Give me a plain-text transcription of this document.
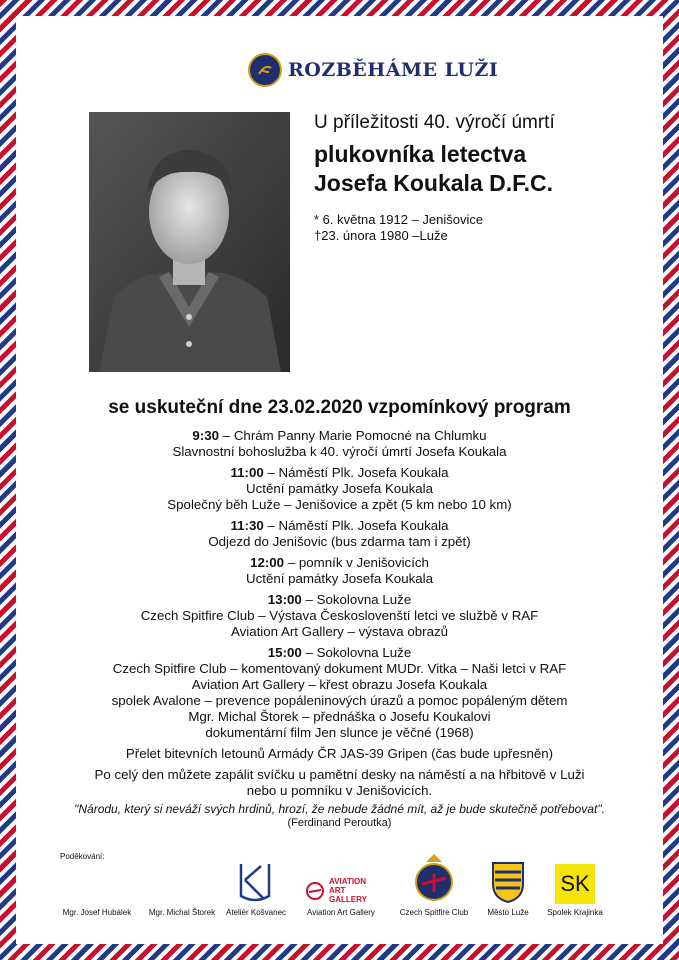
ROZBĚHÁME LUŽI

U příležitosti 40. výročí úmrtí

plukovníka letectva

Josefa Koukala D.F.C.

* 6. května 1912 – Jenišovice
†23. února 1980 –Luže
se uskuteční dne 23.02.2020 vzpomínkový program
9:30 – Chrám Panny Marie Pomocné na Chlumku
Slavnostní bohoslužba k 40. výročí úmrtí Josefa Koukala
11:00 – Náměstí Plk. Josefa Koukala
Uctění památky Josefa Koukala
Společný běh Luže – Jenišovice a zpět (5 km nebo 10 km)
11:30 – Náměstí Plk. Josefa Koukala
Odjezd do Jenišovic (bus zdarma tam i zpět)
12:00 – pomník v Jenišovicích
Uctění památky Josefa Koukala
13:00 – Sokolovna Luže
Czech Spitfire Club – Výstava Českoslovenští letci ve službě v RAF
Aviation Art Gallery – výstava obrazů
15:00 – Sokolovna Luže
Czech Spitfire Club – komentovaný dokument MUDr. Vitka – Naši letci v RAF
Aviation Art Gallery – křest obrazu Josefa Koukala
spolek Avalone – prevence popáleninových úrazů a pomoc popáleným dětem
Mgr. Michal Štorek – přednáška o Josefu Koukalovi
dokumentární film Jen slunce je věčné (1968)
Přelet bitevních letounů Armády ČR JAS-39 Gripen (čas bude upřesněn)
Po celý den můžete zapálit svíčku u pamětní desky na náměstí a na hřbitově v Luži
nebo u pomníku v Jenišovicích.
"Národu, který si neváží svých hrdinů, hrozí, že nebude žádné mít, až je bude skutečně potřebovat".
(Ferdinand Peroutka)
Poděkování:
Mgr. Josef Hubálek	Mgr. Michal Štorek	Ateliér Košvanec
AVIATION ART GALLERY
Aviation Art Gallery	Czech Spitfire Club	Město Luže
SK
Spolek Krajinka
